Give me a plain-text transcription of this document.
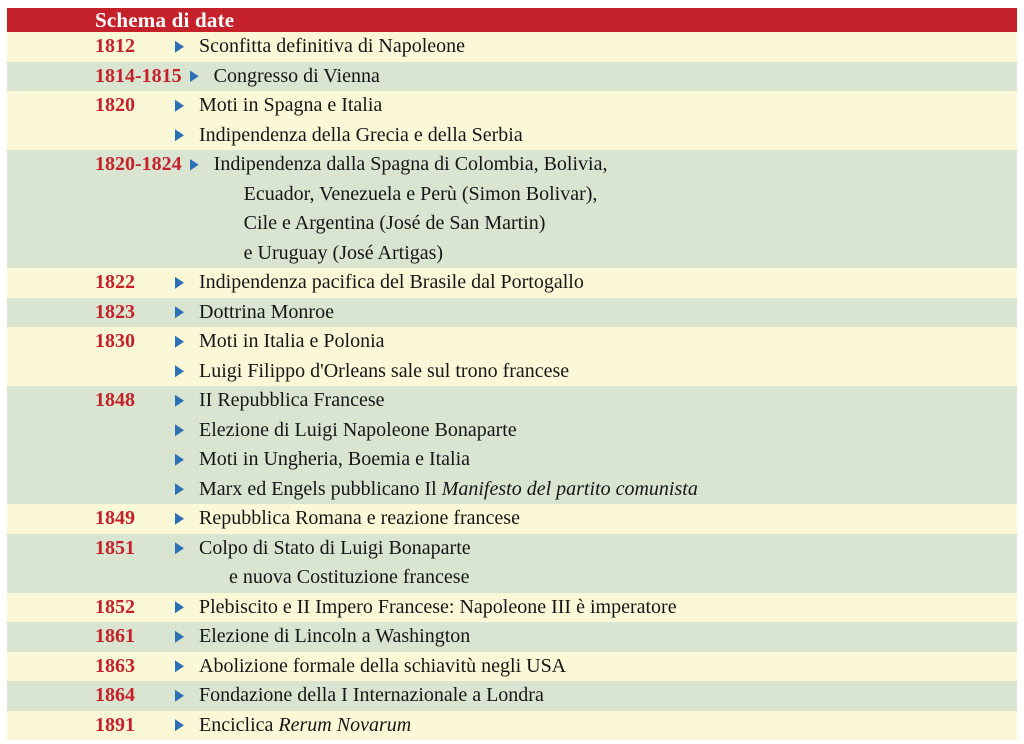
Schema di date
1812	Sconfitta definitiva di Napoleone
1814-1815 Congresso di Vienna
1820	Moti in Spagna e Italia
Indipendenza della Grecia e della Serbia
1820-1824 Indipendenza dalla Spagna di Colombia, Bolivia,
Ecuador, Venezuela e Perù (Simon Bolivar),
Cile e Argentina (José de San Martin)
e Uruguay (José Artigas)
1822	Indipendenza pacifica del Brasile dal Portogallo
1823	Dottrina Monroe
1830	Moti in Italia e Polonia
Luigi Filippo d'Orleans sale sul trono francese
1848	II Repubblica Francese
Elezione di Luigi Napoleone Bonaparte
Moti in Ungheria, Boemia e Italia
Marx ed Engels pubblicano Il Manifesto del partito comunista
1849	Repubblica Romana e reazione francese
1851	Colpo di Stato di Luigi Bonaparte
e nuova Costituzione francese
1852	Plebiscito e II Impero Francese: Napoleone III è imperatore
1861	Elezione di Lincoln a Washington
1863	Abolizione formale della schiavitù negli USA
1864	Fondazione della I Internazionale a Londra
1891	Enciclica Rerum Novarum
